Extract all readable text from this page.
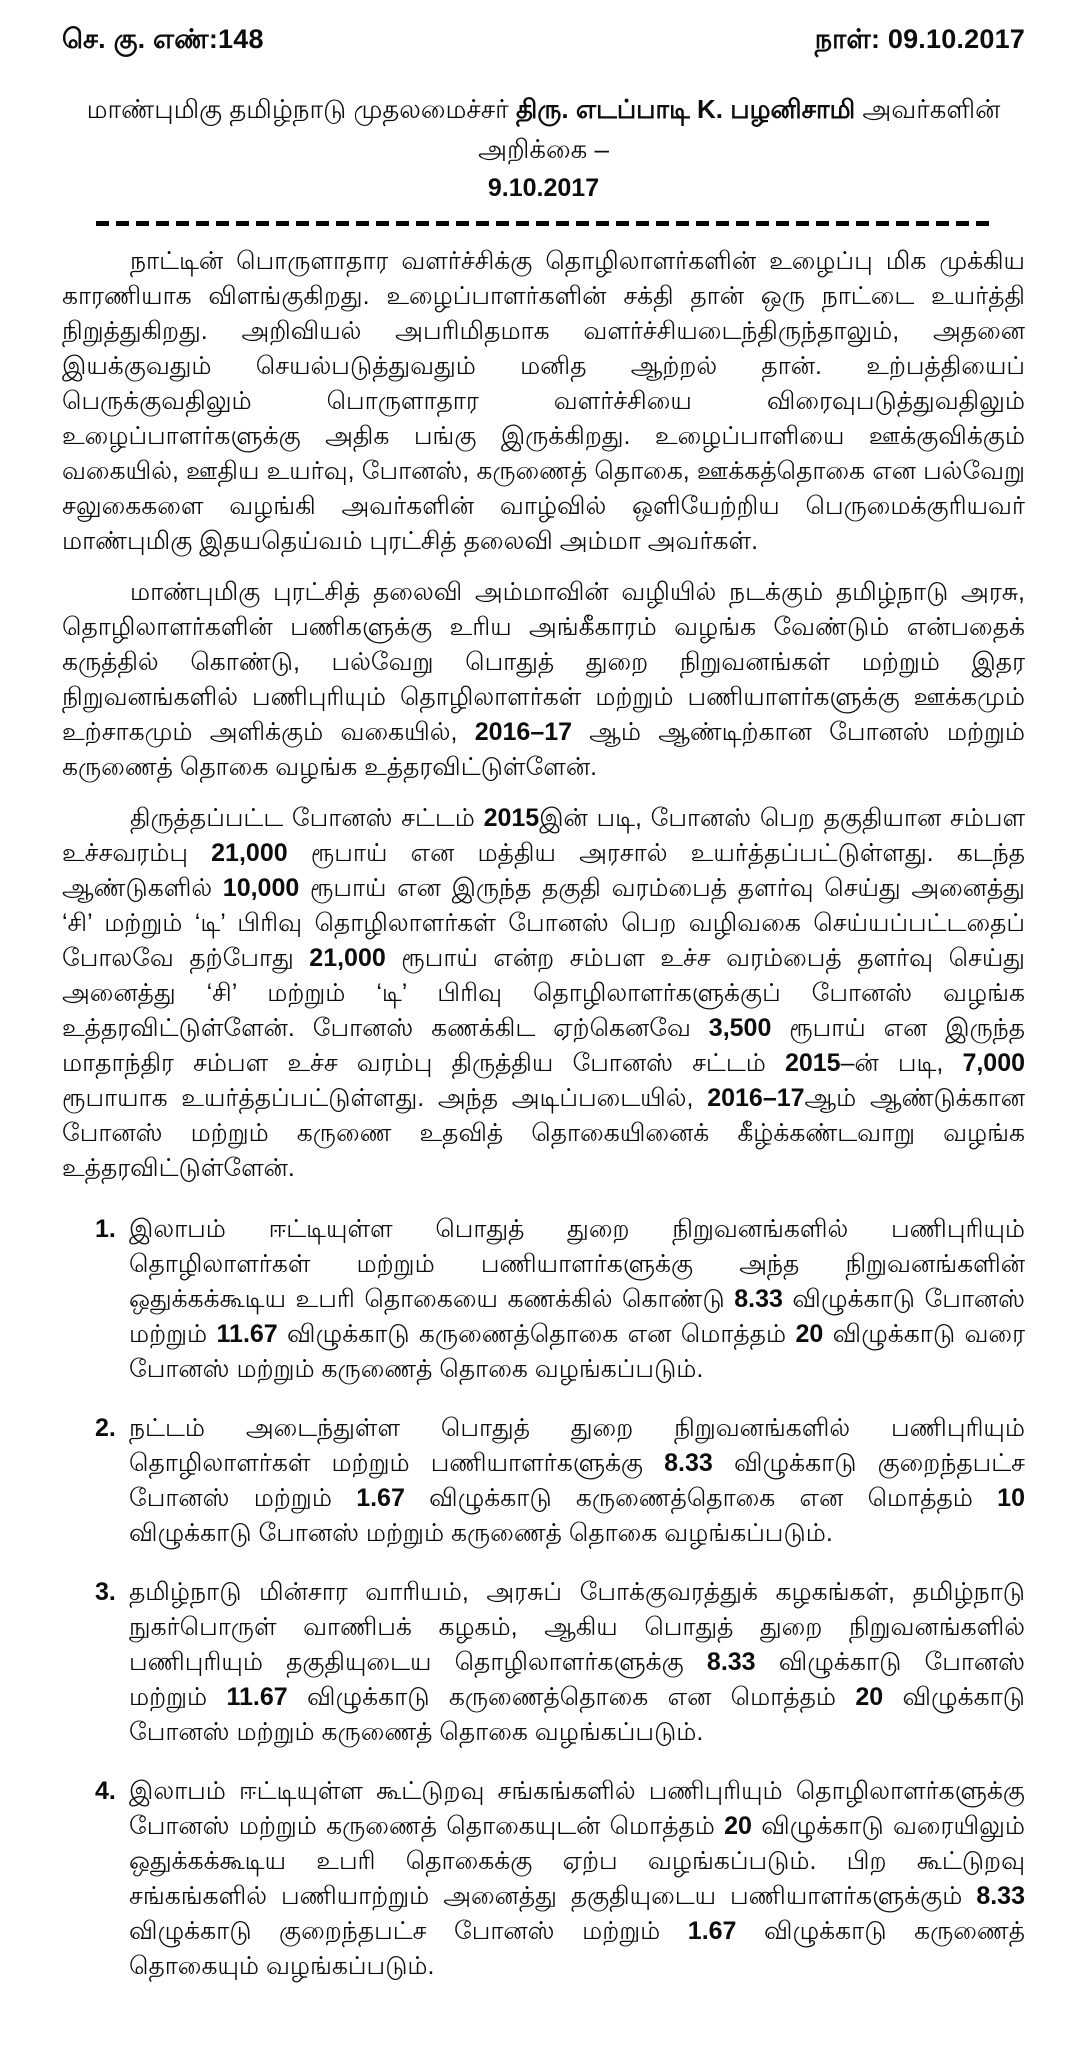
செ. கு. எண்:148	நாள்: 09.10.2017
மாண்புமிகு தமிழ்நாடு முதலமைச்சர் திரு. எடப்பாடி K. பழனிசாமி அவர்களின் அறிக்கை –
9.10.2017

நாட்டின் பொருளாதார வளர்ச்சிக்கு தொழிலாளர்களின் உழைப்பு மிக முக்கிய காரணியாக விளங்குகிறது. உழைப்பாளர்களின் சக்தி தான் ஒரு நாட்டை உயர்த்தி நிறுத்துகிறது. அறிவியல் அபரிமிதமாக வளர்ச்சியடைந்திருந்தாலும், அதனை இயக்குவதும் செயல்படுத்துவதும் மனித ஆற்றல் தான். உற்பத்தியைப் பெருக்குவதிலும் பொருளாதார வளர்ச்சியை விரைவுபடுத்துவதிலும் உழைப்பாளர்களுக்கு அதிக பங்கு இருக்கிறது. உழைப்பாளியை ஊக்குவிக்கும் வகையில், ஊதிய உயர்வு, போனஸ், கருணைத் தொகை, ஊக்கத்தொகை என பல்வேறு சலுகைகளை வழங்கி அவர்களின் வாழ்வில் ஒளியேற்றிய பெருமைக்குரியவர் மாண்புமிகு இதயதெய்வம் புரட்சித் தலைவி அம்மா அவர்கள்.

மாண்புமிகு புரட்சித் தலைவி அம்மாவின் வழியில் நடக்கும் தமிழ்நாடு அரசு, தொழிலாளர்களின் பணிகளுக்கு உரிய அங்கீகாரம் வழங்க வேண்டும் என்பதைக் கருத்தில் கொண்டு, பல்வேறு பொதுத் துறை நிறுவனங்கள் மற்றும் இதர நிறுவனங்களில் பணிபுரியும் தொழிலாளர்கள் மற்றும் பணியாளர்களுக்கு ஊக்கமும் உற்சாகமும் அளிக்கும் வகையில், 2016–17 ஆம் ஆண்டிற்கான போனஸ் மற்றும் கருணைத் தொகை வழங்க உத்தரவிட்டுள்ளேன்.

திருத்தப்பட்ட போனஸ் சட்டம் 2015இன் படி, போனஸ் பெற தகுதியான சம்பள உச்சவரம்பு 21,000 ரூபாய் என மத்திய அரசால் உயர்த்தப்பட்டுள்ளது. கடந்த ஆண்டுகளில் 10,000 ரூபாய் என இருந்த தகுதி வரம்பைத் தளர்வு செய்து அனைத்து ‘சி’ மற்றும் ‘டி’ பிரிவு தொழிலாளர்கள் போனஸ் பெற வழிவகை செய்யப்பட்டதைப் போலவே தற்போது 21,000 ரூபாய் என்ற சம்பள உச்ச வரம்பைத் தளர்வு செய்து அனைத்து ‘சி’ மற்றும் ‘டி’ பிரிவு தொழிலாளர்களுக்குப் போனஸ் வழங்க உத்தரவிட்டுள்ளேன். போனஸ் கணக்கிட ஏற்கெனவே 3,500 ரூபாய் என இருந்த மாதாந்திர சம்பள உச்ச வரம்பு திருத்திய போனஸ் சட்டம் 2015–ன் படி, 7,000 ரூபாயாக உயர்த்தப்பட்டுள்ளது. அந்த அடிப்படையில், 2016–17ஆம் ஆண்டுக்கான போனஸ் மற்றும் கருணை உதவித் தொகையினைக் கீழ்க்கண்டவாறு வழங்க உத்தரவிட்டுள்ளேன்.

1. இலாபம் ஈட்டியுள்ள பொதுத் துறை நிறுவனங்களில் பணிபுரியும் தொழிலாளர்கள் மற்றும் பணியாளர்களுக்கு அந்த நிறுவனங்களின் ஒதுக்கக்கூடிய உபரி தொகையை கணக்கில் கொண்டு 8.33 விழுக்காடு போனஸ் மற்றும் 11.67 விழுக்காடு கருணைத்தொகை என மொத்தம் 20 விழுக்காடு வரை போனஸ் மற்றும் கருணைத் தொகை வழங்கப்படும்.
2. நட்டம் அடைந்துள்ள பொதுத் துறை நிறுவனங்களில் பணிபுரியும் தொழிலாளர்கள் மற்றும் பணியாளர்களுக்கு 8.33 விழுக்காடு குறைந்தபட்ச போனஸ் மற்றும் 1.67 விழுக்காடு கருணைத்தொகை என மொத்தம் 10 விழுக்காடு போனஸ் மற்றும் கருணைத் தொகை வழங்கப்படும்.
3. தமிழ்நாடு மின்சார வாரியம், அரசுப் போக்குவரத்துக் கழகங்கள், தமிழ்நாடு நுகர்பொருள் வாணிபக் கழகம், ஆகிய பொதுத் துறை நிறுவனங்களில் பணிபுரியும் தகுதியுடைய தொழிலாளர்களுக்கு 8.33 விழுக்காடு போனஸ் மற்றும் 11.67 விழுக்காடு கருணைத்தொகை என மொத்தம் 20 விழுக்காடு போனஸ் மற்றும் கருணைத் தொகை வழங்கப்படும்.
4. இலாபம் ஈட்டியுள்ள கூட்டுறவு சங்கங்களில் பணிபுரியும் தொழிலாளர்களுக்கு போனஸ் மற்றும் கருணைத் தொகையுடன் மொத்தம் 20 விழுக்காடு வரையிலும் ஒதுக்கக்கூடிய உபரி தொகைக்கு ஏற்ப வழங்கப்படும். பிற கூட்டுறவு சங்கங்களில் பணியாற்றும் அனைத்து தகுதியுடைய பணியாளர்களுக்கும் 8.33 விழுக்காடு குறைந்தபட்ச போனஸ் மற்றும் 1.67 விழுக்காடு கருணைத் தொகையும் வழங்கப்படும்.
